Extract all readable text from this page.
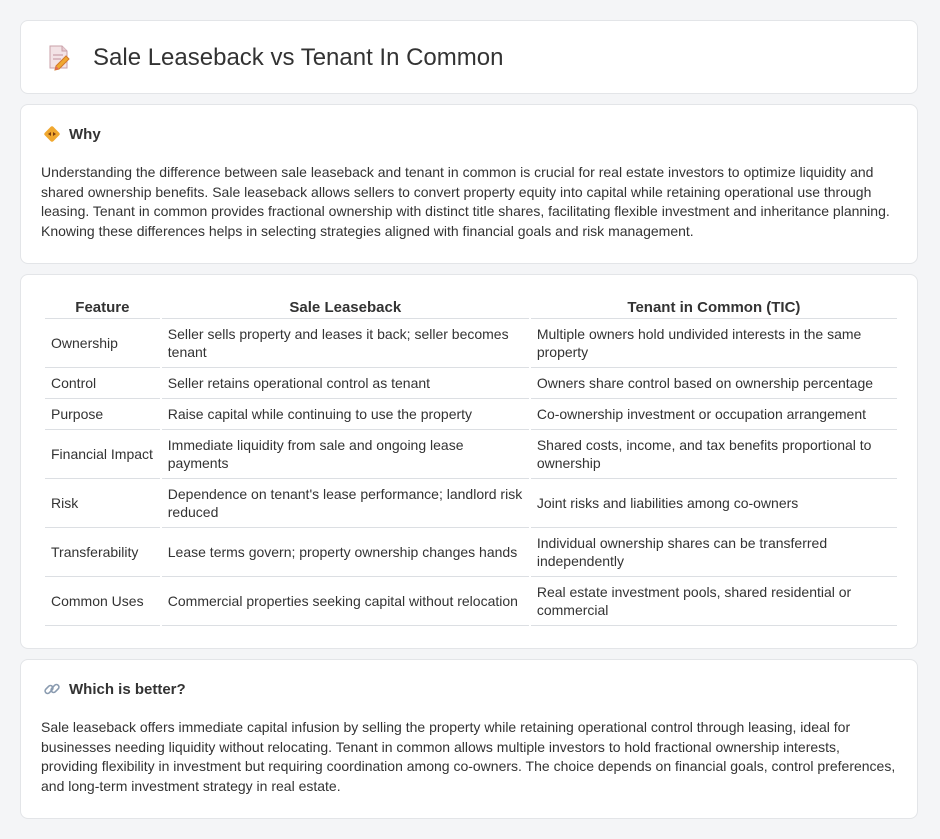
Sale Leaseback vs Tenant In Common
Why

Understanding the difference between sale leaseback and tenant in common is crucial for real estate investors to optimize liquidity and shared ownership benefits. Sale leaseback allows sellers to convert property equity into capital while retaining operational use through leasing. Tenant in common provides fractional ownership with distinct title shares, facilitating flexible investment and inheritance planning. Knowing these differences helps in selecting strategies aligned with financial goals and risk management.

Feature	Sale Leaseback	Tenant in Common (TIC)
Ownership	Seller sells property and leases it back; seller becomes tenant	Multiple owners hold undivided interests in the same property
Control	Seller retains operational control as tenant	Owners share control based on ownership percentage
Purpose	Raise capital while continuing to use the property	Co-ownership investment or occupation arrangement
Financial Impact	Immediate liquidity from sale and ongoing lease payments	Shared costs, income, and tax benefits proportional to ownership
Risk	Dependence on tenant's lease performance; landlord risk reduced	Joint risks and liabilities among co-owners
Transferability	Lease terms govern; property ownership changes hands	Individual ownership shares can be transferred independently
Common Uses	Commercial properties seeking capital without relocation	Real estate investment pools, shared residential or commercial
Which is better?

Sale leaseback offers immediate capital infusion by selling the property while retaining operational control through leasing, ideal for businesses needing liquidity without relocating. Tenant in common allows multiple investors to hold fractional ownership interests, providing flexibility in investment but requiring coordination among co-owners. The choice depends on financial goals, control preferences, and long-term investment strategy in real estate.
